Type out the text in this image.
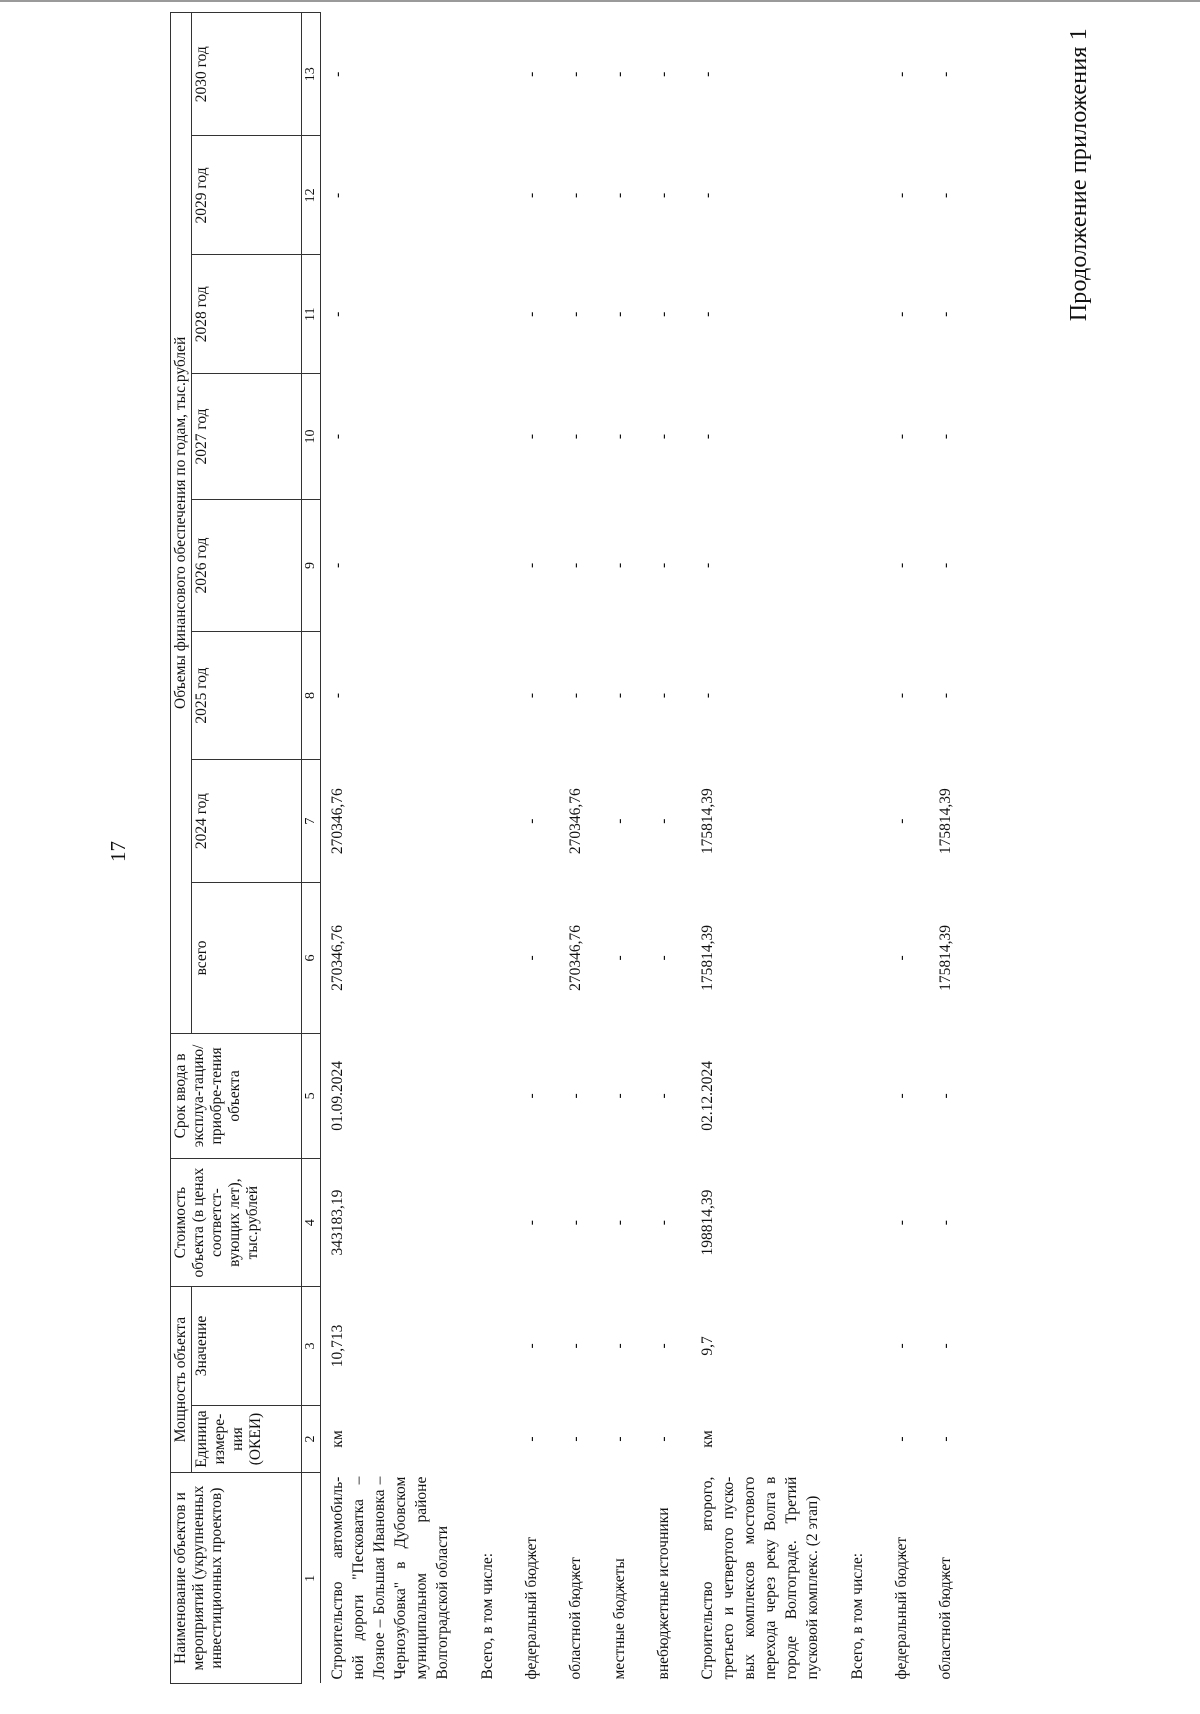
17
Продолжение приложения 1
Наименование объектов и мероприятий (укрупненных инвестиционных проектов)	Мощность объекта		Стоимость объекта (в ценах соответст-вующих лет), тыс.рублей	Срок ввода в эксплуа-тацию/ приобре-тения объекта	Объемы финансового обеспечения по годам, тыс.рублей							
	Единица измере-ния (ОКЕИ)	Значение			всего	2024 год	2025 год	2026 год	2027 год	2028 год	2029 год	2030 год
1	2	3	4	5	6	7	8	9	10	11	12	13
Строительство автомобиль-ной дороги "Песковатка – Лозное – Большая Ивановка – Чернозубовка" в Дубовском муниципальном районе Волгоградской области	км	10,713	343183,19	01.09.2024	270346,76	270346,76	-	-	-	-	-	-
Всего, в том числе:												
федеральный бюджет	-	-	-	-	-	-	-	-	-	-	-	-
областной бюджет	-	-	-	-	270346,76	270346,76	-	-	-	-	-	-
местные бюджеты	-	-	-	-	-	-	-	-	-	-	-	-
внебюджетные источники	-	-	-	-	-	-	-	-	-	-	-	-
Строительство второго, третьего и четвертого пуско-вых комплексов мостового перехода через реку Волга в городе Волгограде. Третий пусковой комплекс. (2 этап)	км	9,7	198814,39	02.12.2024	175814,39	175814,39	-	-	-	-	-	-
Всего, в том числе:												
федеральный бюджет	-	-	-	-	-	-	-	-	-	-	-	-
областной бюджет	-	-	-	-	175814,39	175814,39	-	-	-	-	-	-
